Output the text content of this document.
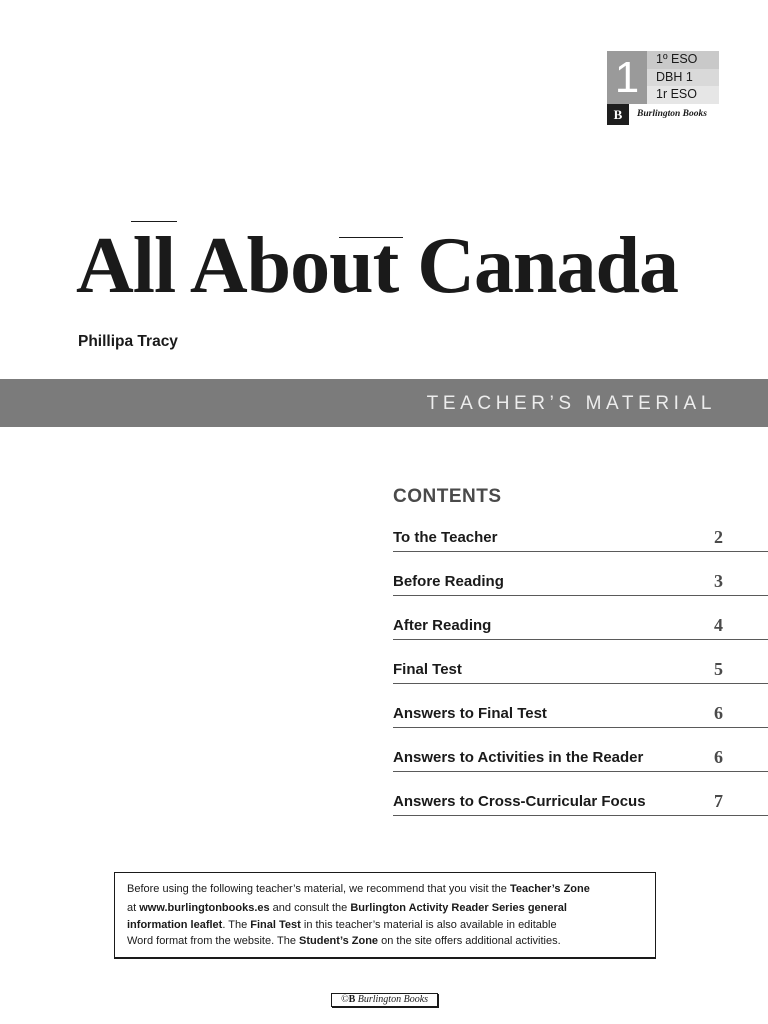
1	1º ESO
DBH 1
1r ESO
B	Burlington Books
All About Canada
Phillipa Tracy
TEACHER’S MATERIAL
CONTENTS
To the Teacher	2
Before Reading	3
After Reading	4
Final Test	5
Answers to Final Test	6
Answers to Activities in the Reader	6
Answers to Cross-Curricular Focus	7
Before using the following teacher’s material, we recommend that you visit the Teacher’s Zone
at www.burlingtonbooks.es and consult the Burlington Activity Reader Series general
information leaflet. The Final Test in this teacher’s material is also available in editable
Word format from the website. The Student’s Zone on the site offers additional activities.
©B Burlington Books
